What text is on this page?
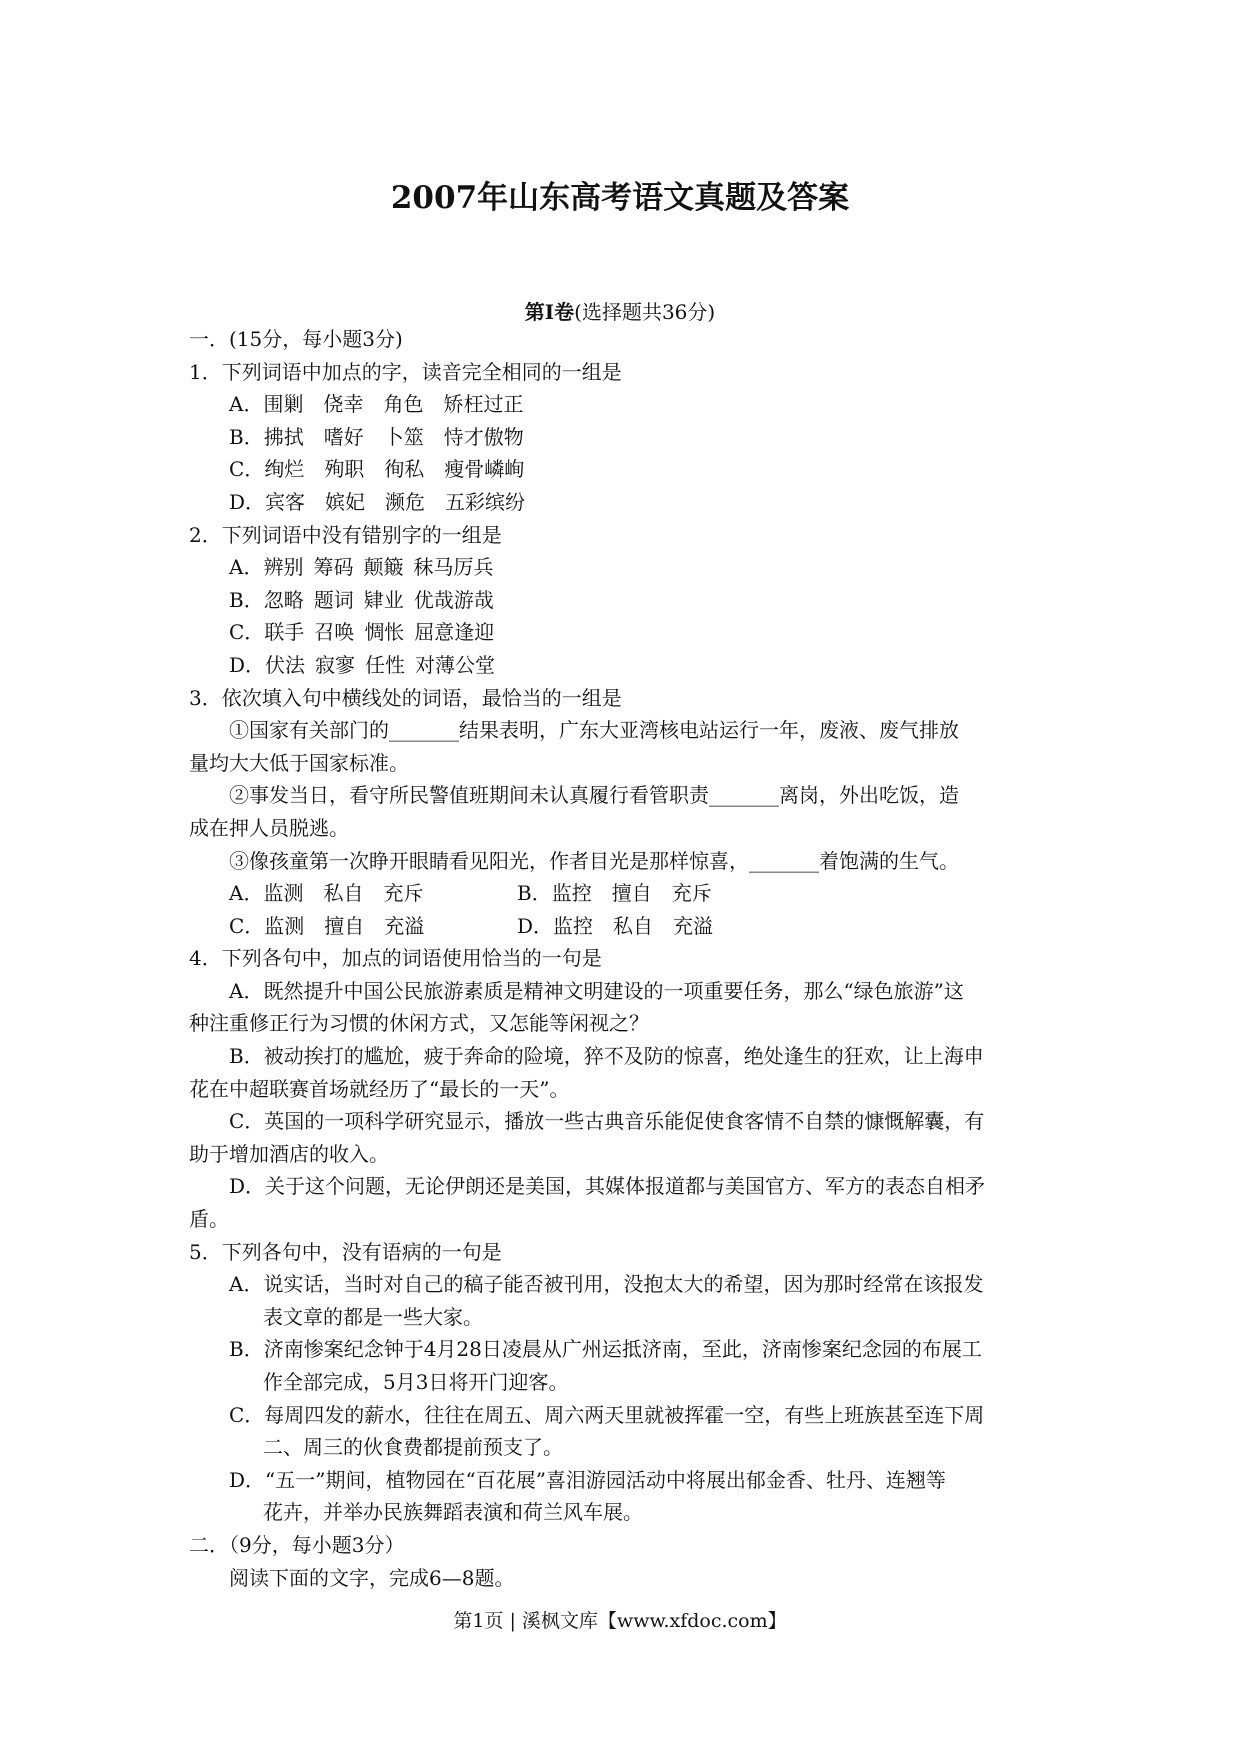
2007年山东高考语文真题及答案
第I卷(选择题共36分)
一．(15分，每小题3分)
1．下列词语中加点的字，读音完全相同的一组是
A．围剿 侥幸 角色 矫枉过正
B．拂拭 嗜好 卜筮 恃才傲物
C．绚烂 殉职 徇私 瘦骨嶙峋
D．宾客 嫔妃 濒危 五彩缤纷
2．下列词语中没有错别字的一组是
A．辨别 筹码 颠簸 秣马厉兵
B．忽略 题词 肄业 优哉游哉
C．联手 召唤 惆怅 屈意逢迎
D．伏法 寂寥 任性 对薄公堂
3．依次填入句中横线处的词语，最恰当的一组是
①国家有关部门的_______结果表明，广东大亚湾核电站运行一年，废液、废气排放
量均大大低于国家标准。
②事发当日，看守所民警值班期间未认真履行看管职责_______离岗，外出吃饭，造
成在押人员脱逃。
③像孩童第一次睁开眼睛看见阳光，作者目光是那样惊喜，_______着饱满的生气。
A．监测　私自　充斥	B．监控　擅自　充斥
C．监测　擅自　充溢	D．监控　私自　充溢
4．下列各句中，加点的词语使用恰当的一句是
A．既然提升中国公民旅游素质是精神文明建设的一项重要任务，那么“绿色旅游”这
种注重修正行为习惯的休闲方式，又怎能等闲视之？
B．被动挨打的尴尬，疲于奔命的险境，猝不及防的惊喜，绝处逢生的狂欢，让上海申
花在中超联赛首场就经历了“最长的一天”。
C．英国的一项科学研究显示，播放一些古典音乐能促使食客情不自禁的慷慨解囊，有
助于增加酒店的收入。
D．关于这个问题，无论伊朗还是美国，其媒体报道都与美国官方、军方的表态自相矛
盾。
5．下列各句中，没有语病的一句是
A．说实话，当时对自己的稿子能否被刊用，没抱太大的希望，因为那时经常在该报发
表文章的都是一些大家。
B．济南惨案纪念钟于4月28日凌晨从广州运抵济南，至此，济南惨案纪念园的布展工
作全部完成，5月3日将开门迎客。
C．每周四发的薪水，往往在周五、周六两天里就被挥霍一空，有些上班族甚至连下周
二、周三的伙食费都提前预支了。
D．“五一”期间，植物园在“百花展”喜泪游园活动中将展出郁金香、牡丹、连翘等
花卉，并举办民族舞蹈表演和荷兰风车展。
二．（9分，每小题3分）
阅读下面的文字，完成6—8题。
第1页 | 溪枫文库【www.xfdoc.com】
